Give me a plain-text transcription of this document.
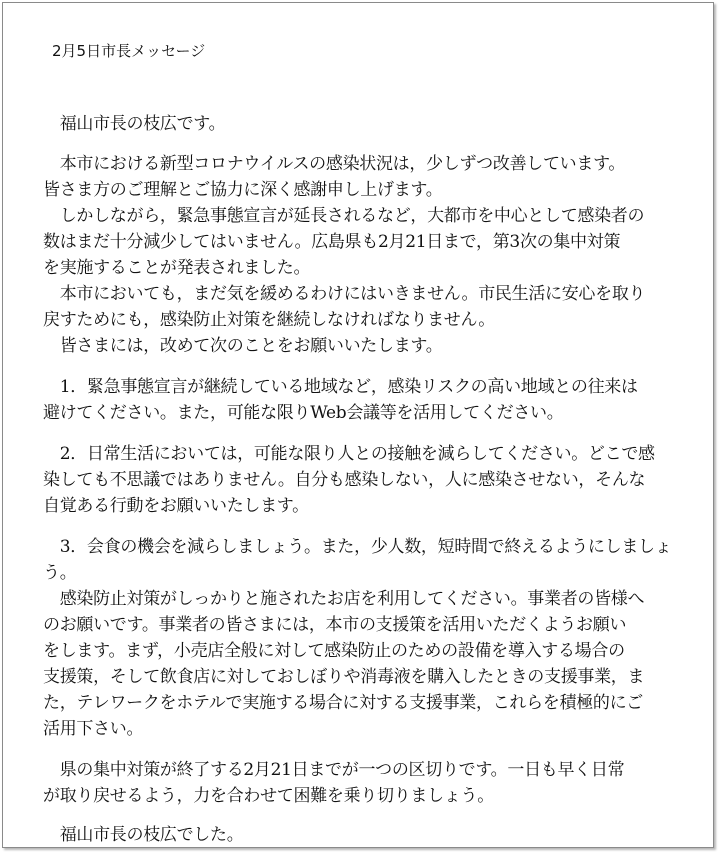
2月5日市長メッセージ
　福山市長の枝広です。
　本市における新型コロナウイルスの感染状況は，少しずつ改善しています。
皆さま方のご理解とご協力に深く感謝申し上げます。
　しかしながら，緊急事態宣言が延長されるなど，大都市を中心として感染者の
数はまだ十分減少してはいません。広島県も2月21日まで，第3次の集中対策
を実施することが発表されました。
　本市においても，まだ気を緩めるわけにはいきません。市民生活に安心を取り
戻すためにも，感染防止対策を継続しなければなりません。
　皆さまには，改めて次のことをお願いいたします。
　1．緊急事態宣言が継続している地域など，感染リスクの高い地域との往来は
避けてください。また，可能な限りWeb会議等を活用してください。
　2．日常生活においては，可能な限り人との接触を減らしてください。どこで感
染しても不思議ではありません。自分も感染しない，人に感染させない，そんな
自覚ある行動をお願いいたします。
　3．会食の機会を減らしましょう。また，少人数，短時間で終えるようにしましょ
う。
　感染防止対策がしっかりと施されたお店を利用してください。事業者の皆様へ
のお願いです。事業者の皆さまには，本市の支援策を活用いただくようお願い
をします。まず，小売店全般に対して感染防止のための設備を導入する場合の
支援策，そして飲食店に対しておしぼりや消毒液を購入したときの支援事業，ま
た，テレワークをホテルで実施する場合に対する支援事業，これらを積極的にご
活用下さい。
　県の集中対策が終了する2月21日までが一つの区切りです。一日も早く日常
が取り戻せるよう，力を合わせて困難を乗り切りましょう。
　福山市長の枝広でした。
